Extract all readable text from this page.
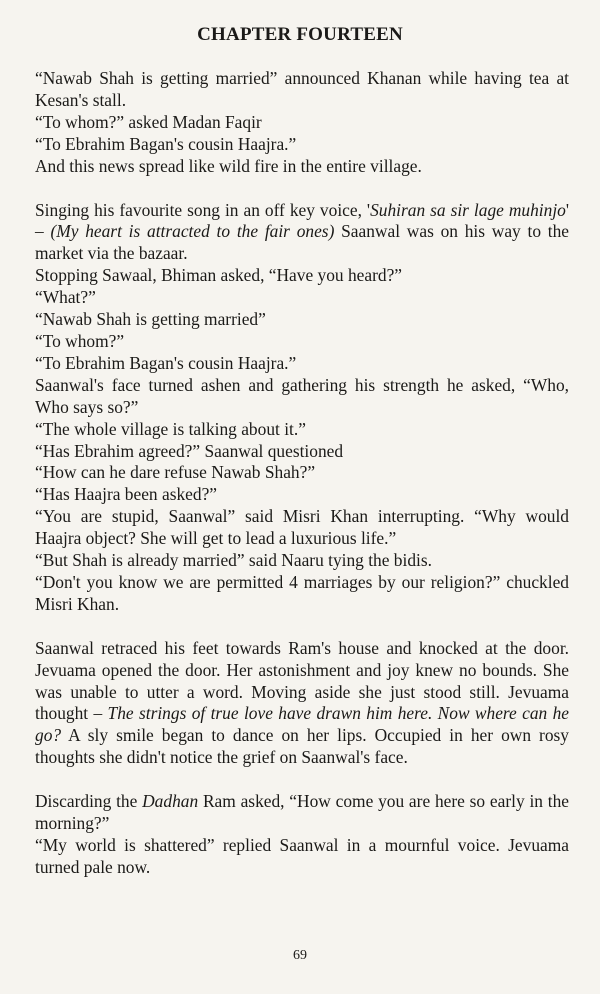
CHAPTER FOURTEEN

“Nawab Shah is getting married” announced Khanan while having tea at Kesan's stall.

“To whom?” asked Madan Faqir

“To Ebrahim Bagan's cousin Haajra.”

And this news spread like wild fire in the entire village.

Singing his favourite song in an off key voice, 'Suhiran sa sir lage muhinjo' – (My heart is attracted to the fair ones) Saanwal was on his way to the market via the bazaar.

Stopping Sawaal, Bhiman asked, “Have you heard?”

“What?”

“Nawab Shah is getting married”

“To whom?”

“To Ebrahim Bagan's cousin Haajra.”

Saanwal's face turned ashen and gathering his strength he asked, “Who, Who says so?”

“The whole village is talking about it.”

“Has Ebrahim agreed?” Saanwal questioned

“How can he dare refuse Nawab Shah?”

“Has Haajra been asked?”

“You are stupid, Saanwal” said Misri Khan interrupting. “Why would Haajra object? She will get to lead a luxurious life.”

“But Shah is already married” said Naaru tying the bidis.

“Don't you know we are permitted 4 marriages by our religion?” chuckled Misri Khan.

Saanwal retraced his feet towards Ram's house and knocked at the door. Jevuama opened the door. Her astonishment and joy knew no bounds. She was unable to utter a word. Moving aside she just stood still. Jevuama thought – The strings of true love have drawn him here. Now where can he go? A sly smile began to dance on her lips. Occupied in her own rosy thoughts she didn't notice the grief on Saanwal's face.

Discarding the Dadhan Ram asked, “How come you are here so early in the morning?”

“My world is shattered” replied Saanwal in a mournful voice. Jevuama turned pale now.

69
